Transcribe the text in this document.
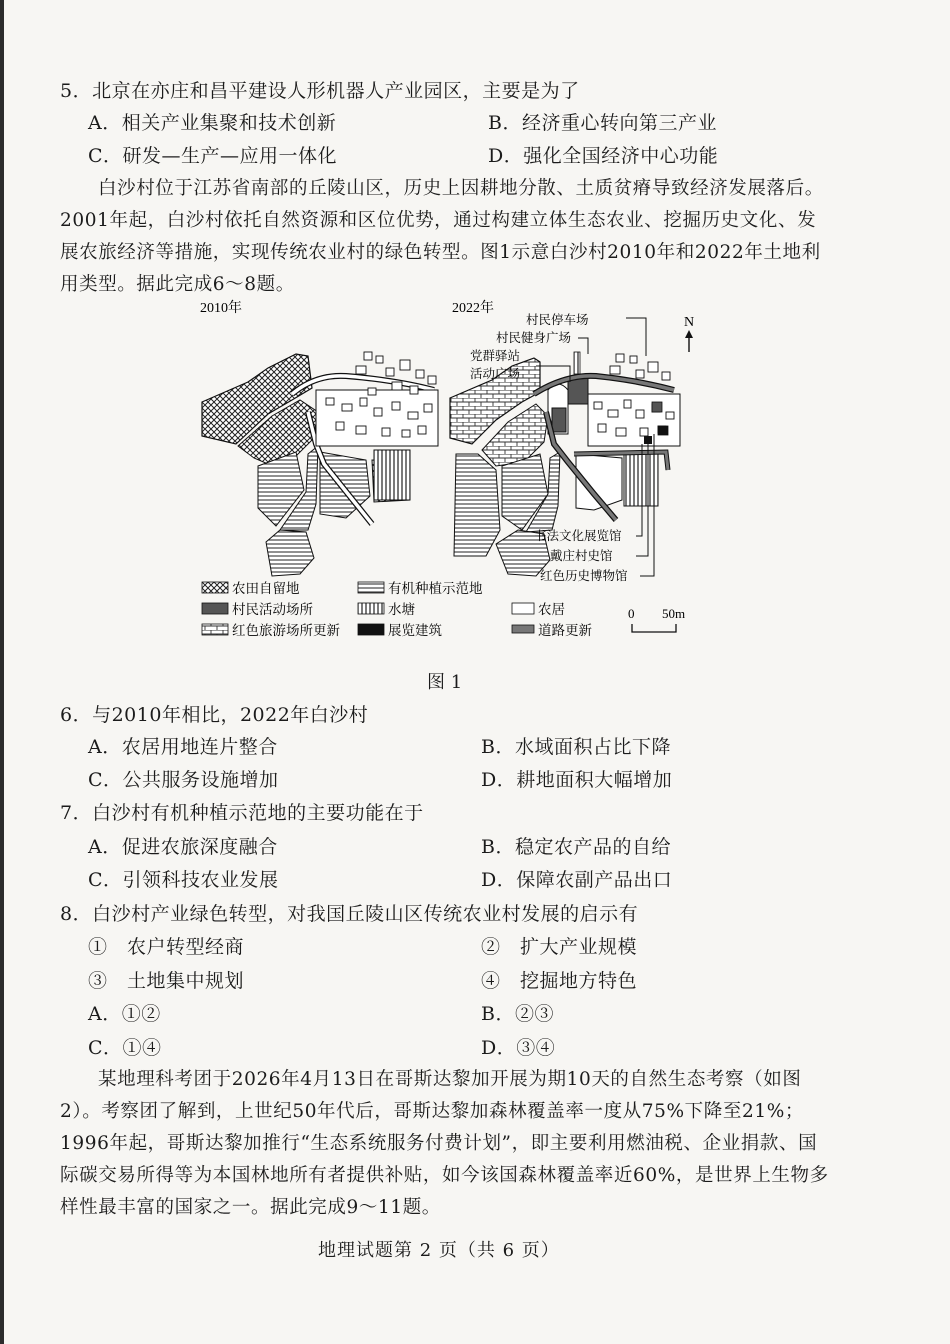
5．北京在亦庄和昌平建设人形机器人产业园区，主要是为了
A．相关产业集聚和技术创新	B．经济重心转向第三产业
C．研发—生产—应用一体化	D．强化全国经济中心功能
白沙村位于江苏省南部的丘陵山区，历史上因耕地分散、土质贫瘠导致经济发展落后。2001年起，白沙村依托自然资源和区位优势，通过构建立体生态农业、挖掘历史文化、发展农旅经济等措施，实现传统农业村的绿色转型。图1示意白沙村2010年和2022年土地利用类型。据此完成6～8题。
2010年	2022年
村民停车场
村民健身广场
党群驿站
活动广场
书法文化展览馆
戴庄村史馆
红色历史博物馆
N
农田自留地	有机种植示范地
村民活动场所	水塘	农居
红色旅游场所更新	展览建筑	道路更新
0 50m
图 1
6．与2010年相比，2022年白沙村
A．农居用地连片整合	B．水域面积占比下降
C．公共服务设施增加	D．耕地面积大幅增加
7．白沙村有机种植示范地的主要功能在于
A．促进农旅深度融合	B．稳定农产品的自给
C．引领科技农业发展	D．保障农副产品出口
8．白沙村产业绿色转型，对我国丘陵山区传统农业村发展的启示有
①　农户转型经商	②　扩大产业规模
③　土地集中规划	④　挖掘地方特色
A．①②	B．②③
C．①④	D．③④
某地理科考团于2026年4月13日在哥斯达黎加开展为期10天的自然生态考察（如图2）。考察团了解到，上世纪50年代后，哥斯达黎加森林覆盖率一度从75%下降至21%；1996年起，哥斯达黎加推行“生态系统服务付费计划”，即主要利用燃油税、企业捐款、国际碳交易所得等为本国林地所有者提供补贴，如今该国森林覆盖率近60%，是世界上生物多样性最丰富的国家之一。据此完成9～11题。
地理试题第 2 页（共 6 页）
